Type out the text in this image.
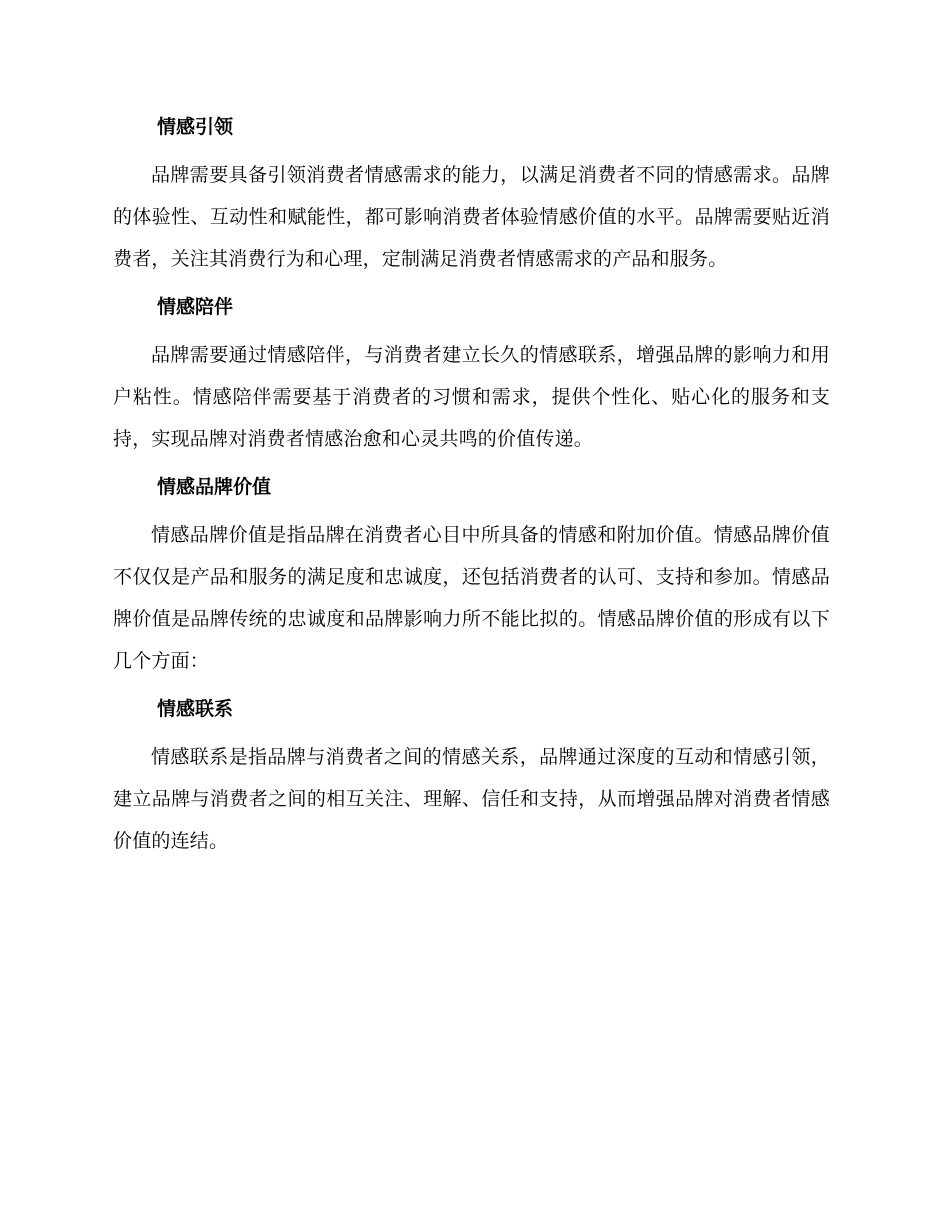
情感引领

品牌需要具备引领消费者情感需求的能力，以满足消费者不同的情感需求。品牌的体验性、互动性和赋能性，都可影响消费者体验情感价值的水平。品牌需要贴近消费者，关注其消费行为和心理，定制满足消费者情感需求的产品和服务。

情感陪伴

品牌需要通过情感陪伴，与消费者建立长久的情感联系，增强品牌的影响力和用户粘性。情感陪伴需要基于消费者的习惯和需求，提供个性化、贴心化的服务和支持，实现品牌对消费者情感治愈和心灵共鸣的价值传递。

情感品牌价值

情感品牌价值是指品牌在消费者心目中所具备的情感和附加价值。情感品牌价值不仅仅是产品和服务的满足度和忠诚度，还包括消费者的认可、支持和参加。情感品牌价值是品牌传统的忠诚度和品牌影响力所不能比拟的。情感品牌价值的形成有以下几个方面：

情感联系

情感联系是指品牌与消费者之间的情感关系，品牌通过深度的互动和情感引领，建立品牌与消费者之间的相互关注、理解、信任和支持，从而增强品牌对消费者情感价值的连结。
